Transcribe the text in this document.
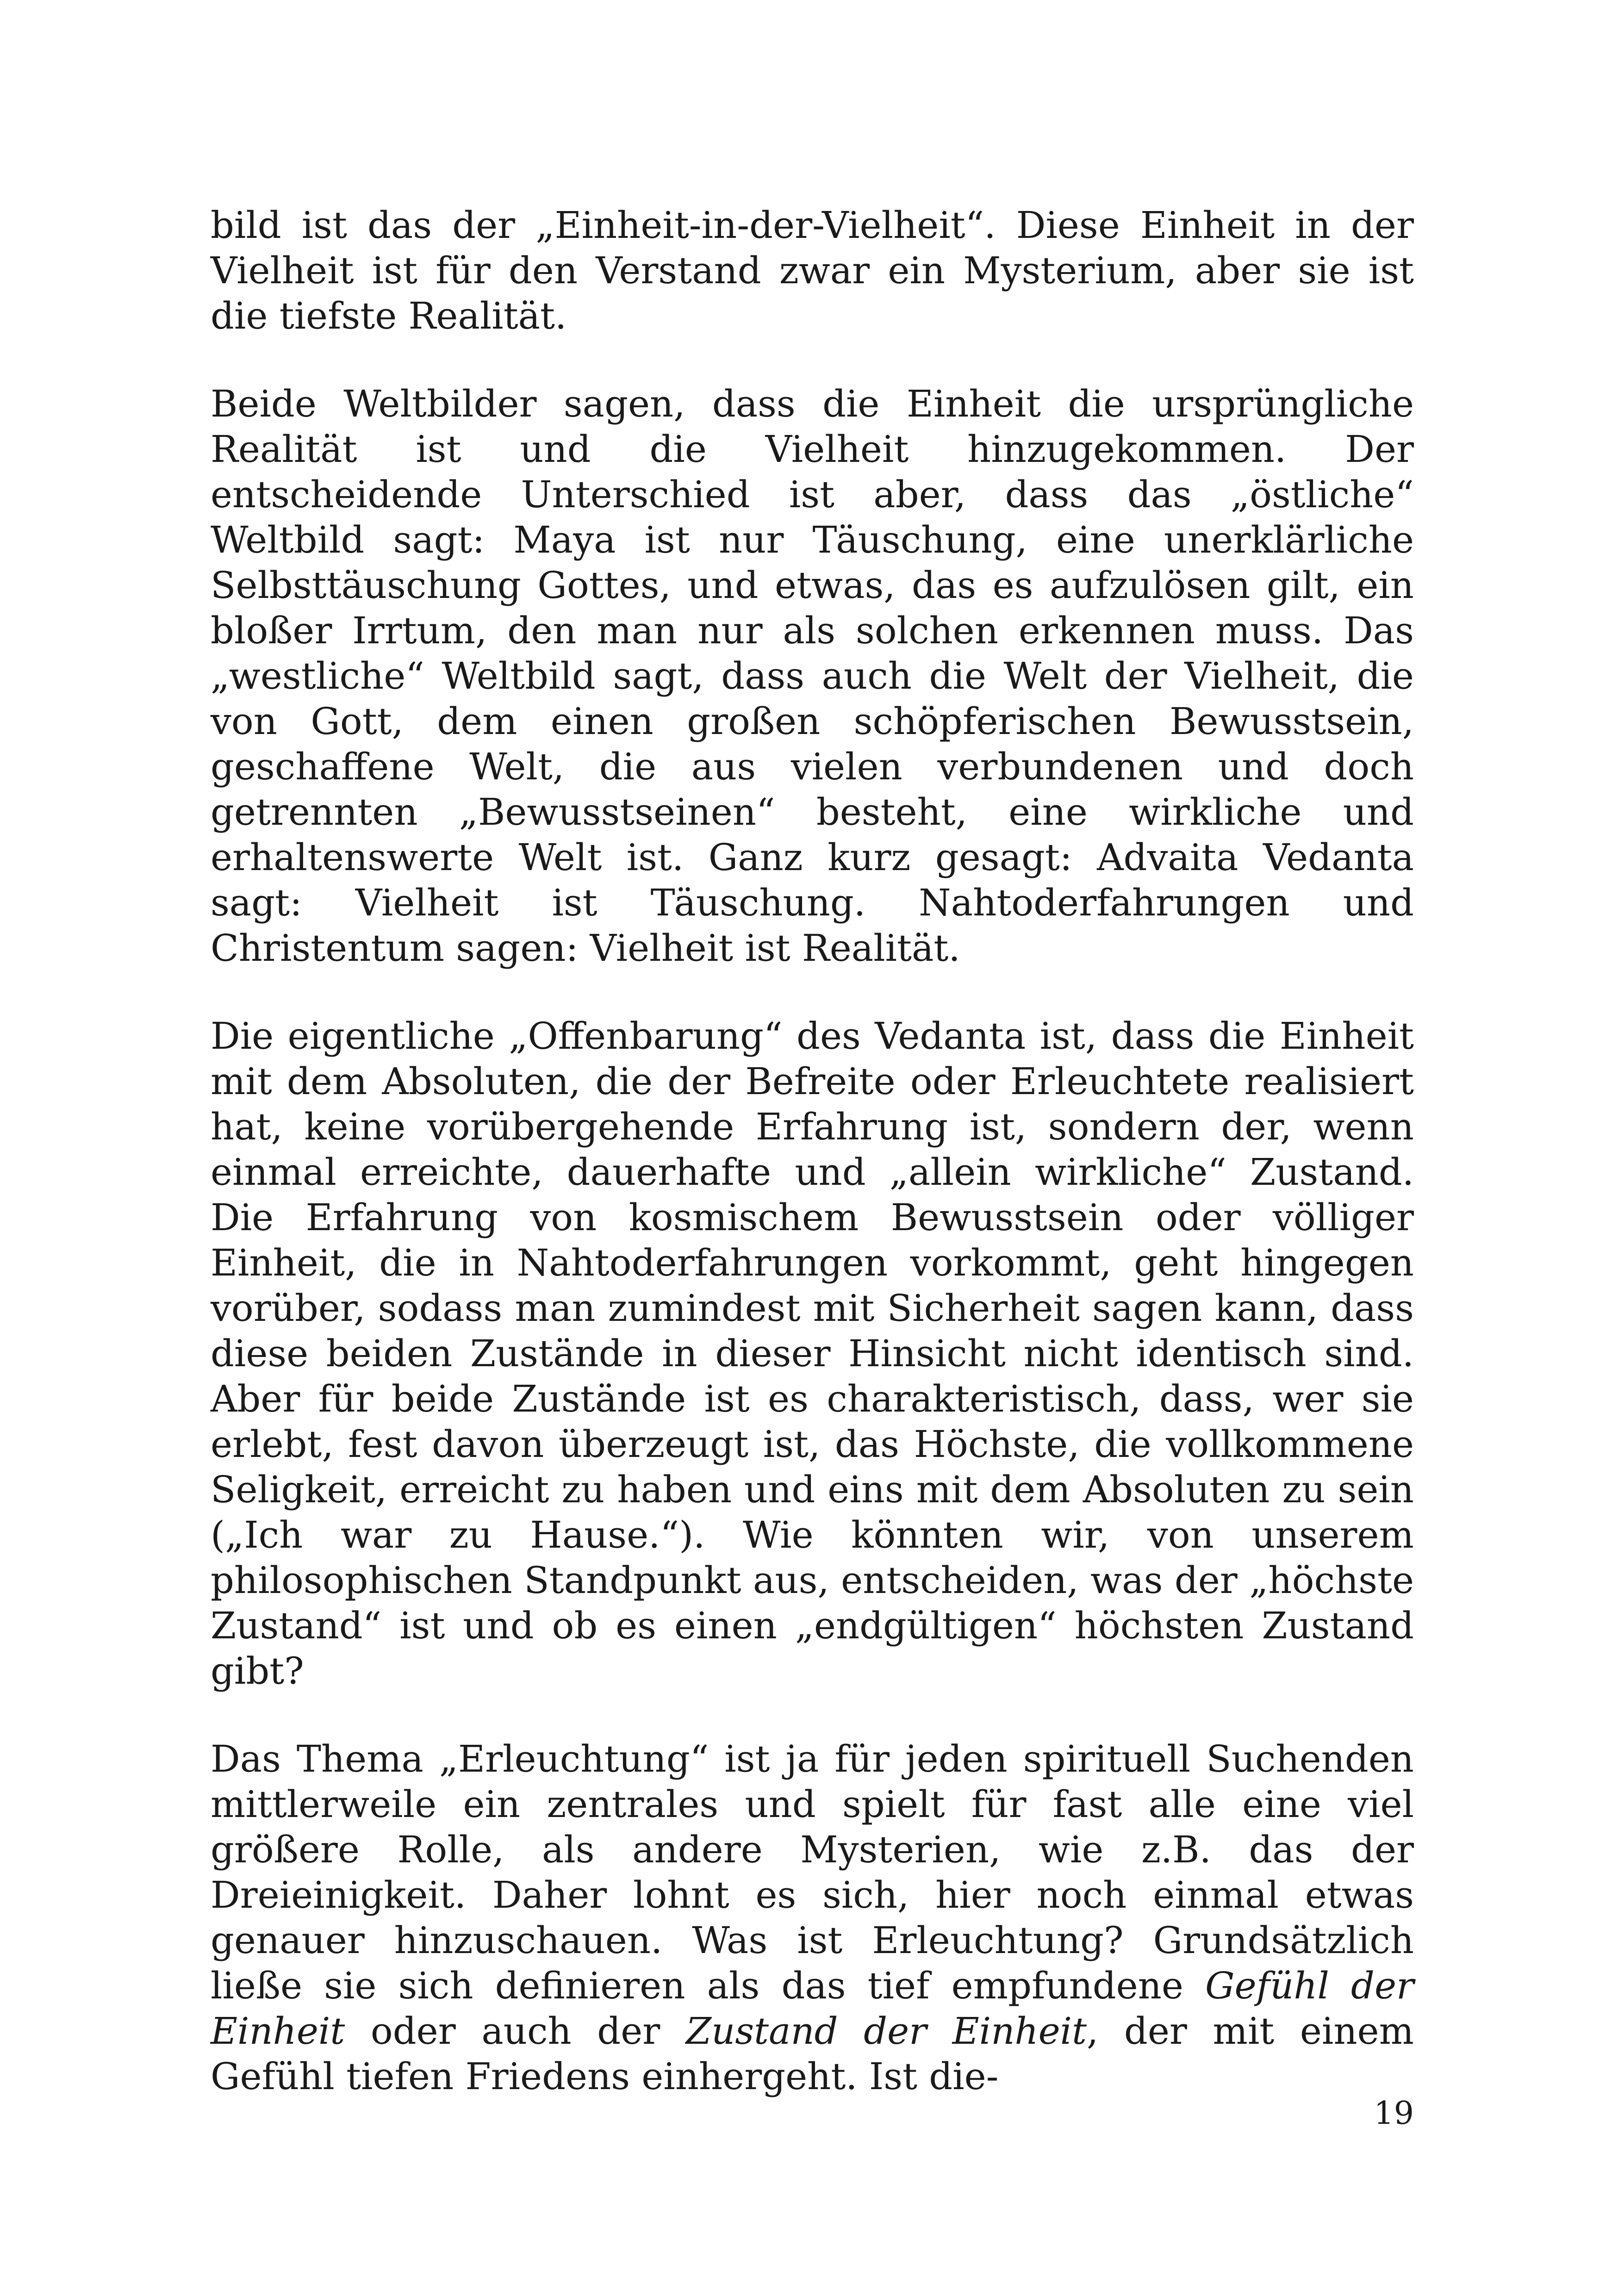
bild ist das der „Einheit-in-der-Vielheit“. Diese Einheit in der Vielheit ist für den Verstand zwar ein Mysterium, aber sie ist die tiefste Realität.

Beide Weltbilder sagen, dass die Einheit die ursprüngliche Realität ist und die Vielheit hinzugekommen. Der entscheidende Unterschied ist aber, dass das „östliche“ Weltbild sagt: Maya ist nur Täuschung, eine unerklärliche Selbsttäuschung Gottes, und etwas, das es aufzulösen gilt, ein bloßer Irrtum, den man nur als solchen erkennen muss. Das „westliche“ Weltbild sagt, dass auch die Welt der Vielheit, die von Gott, dem einen großen schöpferischen Bewusstsein, geschaffene Welt, die aus vielen verbundenen und doch getrennten „Bewusstseinen“ besteht, eine wirkliche und erhaltenswerte Welt ist. Ganz kurz gesagt: Advaita Vedanta sagt: Vielheit ist Täuschung. Nahtoderfahrungen und Christentum sagen: Vielheit ist Realität.

Die eigentliche „Offenbarung“ des Vedanta ist, dass die Einheit mit dem Absoluten, die der Befreite oder Erleuchtete realisiert hat, keine vorübergehende Erfahrung ist, sondern der, wenn einmal erreichte, dauerhafte und „allein wirkliche“ Zustand. Die Erfahrung von kosmischem Bewusstsein oder völliger Einheit, die in Nahtoderfahrungen vorkommt, geht hingegen vorüber, sodass man zumindest mit Sicherheit sagen kann, dass diese beiden Zustände in dieser Hinsicht nicht identisch sind. Aber für beide Zustände ist es charakteristisch, dass, wer sie erlebt, fest davon überzeugt ist, das Höchste, die vollkommene Seligkeit, erreicht zu haben und eins mit dem Absoluten zu sein („Ich war zu Hause.“). Wie könnten wir, von unserem philosophischen Standpunkt aus, entscheiden, was der „höchste Zustand“ ist und ob es einen „endgültigen“ höchsten Zustand gibt?

Das Thema „Erleuchtung“ ist ja für jeden spirituell Suchenden mittlerweile ein zentrales und spielt für fast alle eine viel größere Rolle, als andere Mysterien, wie z.B. das der Dreieinigkeit. Daher lohnt es sich, hier noch einmal etwas genauer hinzuschauen. Was ist Erleuchtung? Grundsätzlich ließe sie sich definieren als das tief empfundene Gefühl der Einheit oder auch der Zustand der Einheit, der mit einem Gefühl tiefen Friedens einhergeht. Ist die-

19
